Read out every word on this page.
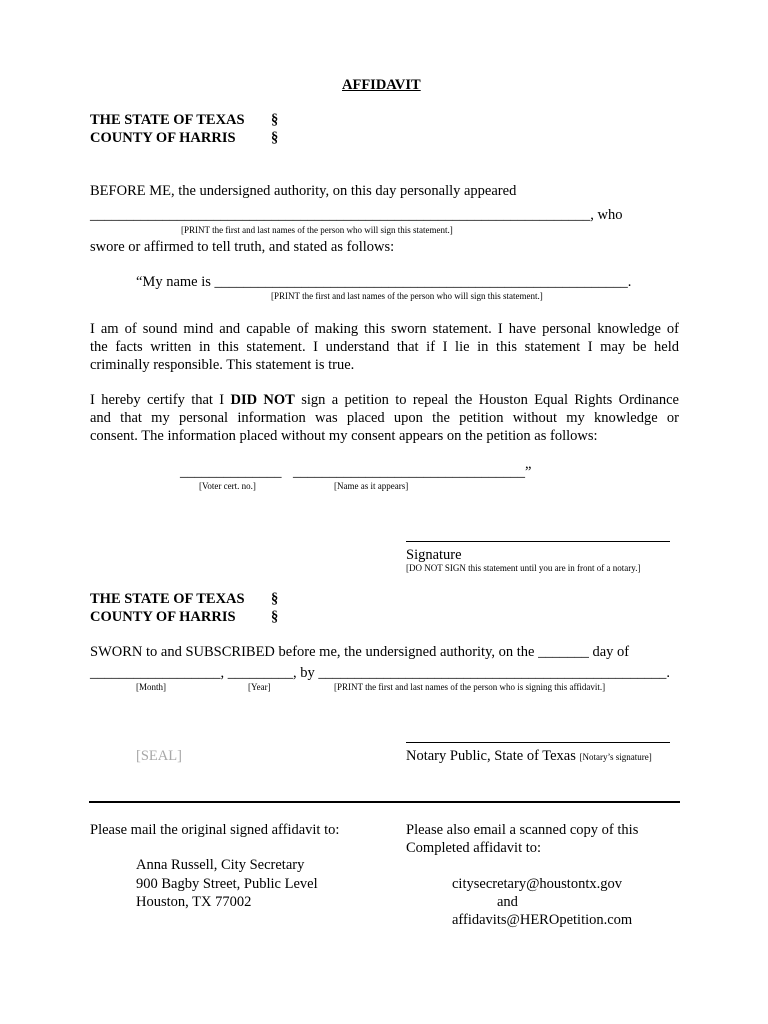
AFFIDAVIT
THE STATE OF TEXAS §
COUNTY OF HARRIS §
BEFORE ME, the undersigned authority, on this day personally appeared
_____________________________________________________________________, who
[PRINT the first and last names of the person who will sign this statement.]
swore or affirmed to tell truth, and stated as follows:
“My name is _________________________________________________________.
[PRINT the first and last names of the person who will sign this statement.]
I am of sound mind and capable of making this sworn statement. I have personal knowledge of
the facts written in this statement. I understand that if I lie in this statement I may be held
criminally responsible. This statement is true.
I hereby certify that I DID NOT sign a petition to repeal the Houston Equal Rights Ordinance
and that my personal information was placed upon the petition without my knowledge or
consent. The information placed without my consent appears on the petition as follows:
______________ ________________________________”
[Voter cert. no.]	[Name as it appears]
Signature
[DO NOT SIGN this statement until you are in front of a notary.]
THE STATE OF TEXAS §
COUNTY OF HARRIS §
SWORN to and SUBSCRIBED before me, the undersigned authority, on the _______ day of
__________________, _________, by ________________________________________________.
[Month]	[Year]	[PRINT the first and last names of the person who is signing this affidavit.]
[SEAL]	Notary Public, State of Texas [Notary’s signature]
Please mail the original signed affidavit to:
Anna Russell, City Secretary
900 Bagby Street, Public Level
Houston, TX 77002
Please also email a scanned copy of this
Completed affidavit to:
citysecretary@houstontx.gov
and
affidavits@HEROpetition.com
